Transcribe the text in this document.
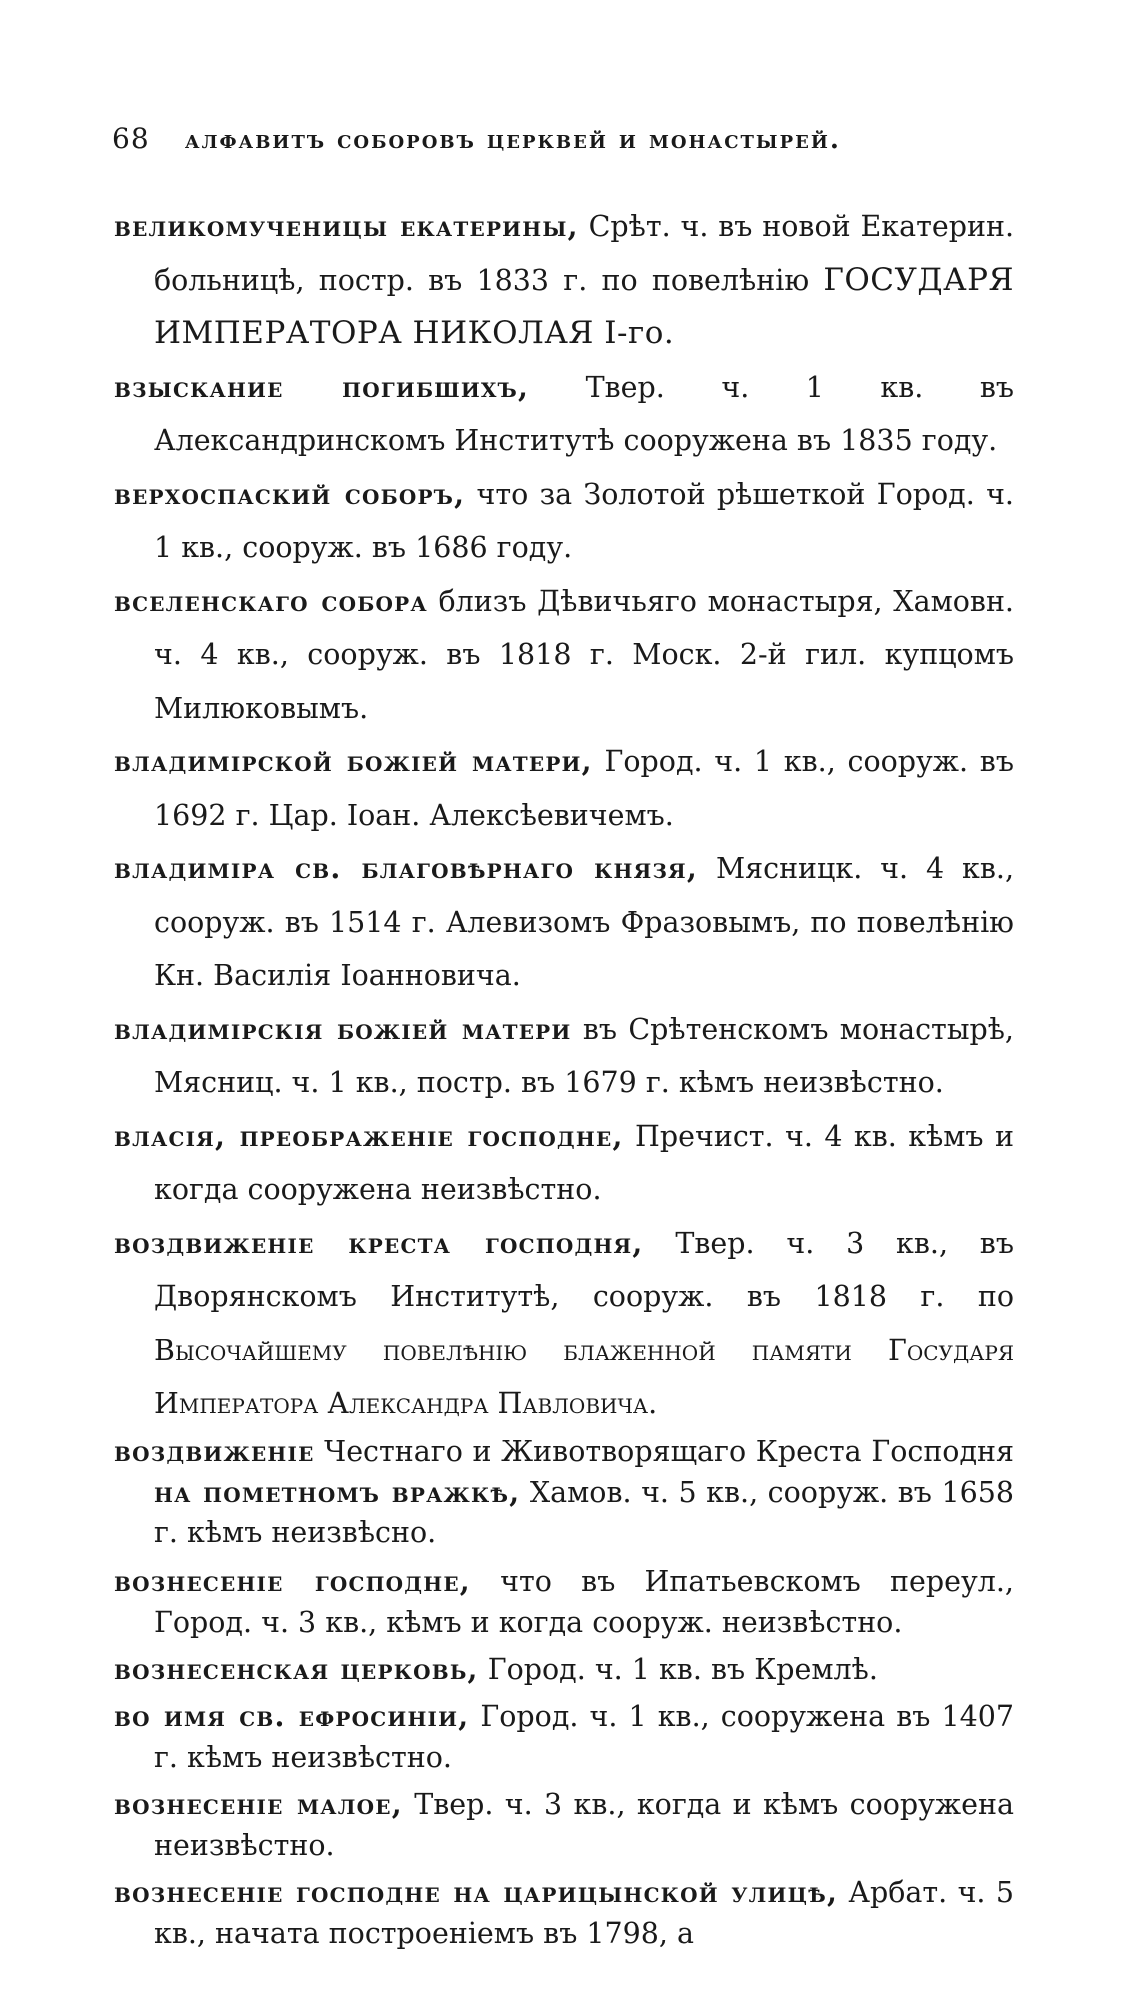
68 алфавитъ соборовъ церквей и монастырей.

великомученицы екатерины, Срѣт. ч. въ новой Екатерин. больницѣ, постр. въ 1833 г. по повелѣнію ГОСУДАРЯ ИМПЕРАТОРА НИКОЛАЯ I-го.

взыскание погибшихъ, Твер. ч. 1 кв. въ Александринскомъ Институтѣ сооружена въ 1835 году.

верхоспаский соборъ, что за Золотой рѣшеткой Город. ч. 1 кв., сооруж. въ 1686 году.

вселенскаго собора близъ Дѣвичьяго монастыря, Хамовн. ч. 4 кв., сооруж. въ 1818 г. Моск. 2-й гил. купцомъ Милюковымъ.

владимірской божіей матери, Город. ч. 1 кв., сооруж. въ 1692 г. Цар. Іоан. Алексѣевичемъ.

владиміра св. благовѣрнаго князя, Мясницк. ч. 4 кв., сооруж. въ 1514 г. Алевизомъ Фразовымъ, по повелѣнію Кн. Василія Іоанновича.

владимірскія божіей матери въ Срѣтенскомъ монастырѣ, Мясниц. ч. 1 кв., постр. въ 1679 г. кѣмъ неизвѣстно.

власія, преображеніе господне, Пречист. ч. 4 кв. кѣмъ и когда сооружена неизвѣстно.

воздвиженіе креста господня, Твер. ч. 3 кв., въ Дворянскомъ Институтѣ, сооруж. въ 1818 г. по Высочайшему повелѣнію блаженной памяти Государя Императора Александра Павловича.

воздвиженіе Честнаго и Животворящаго Креста Господня на пометномъ вражкѣ, Хамов. ч. 5 кв., сооруж. въ 1658 г. кѣмъ неизвѣсно.

вознесеніе господне, что въ Ипатьевскомъ переул., Город. ч. 3 кв., кѣмъ и когда сооруж. неизвѣстно.

вознесенская церковь, Город. ч. 1 кв. въ Кремлѣ.

во имя св. ефросиніи, Город. ч. 1 кв., сооружена въ 1407 г. кѣмъ неизвѣстно.

вознесеніе малое, Твер. ч. 3 кв., когда и кѣмъ сооружена неизвѣстно.

вознесеніе господне на царицынской улицѣ, Арбат. ч. 5 кв., начата построеніемъ въ 1798, а
